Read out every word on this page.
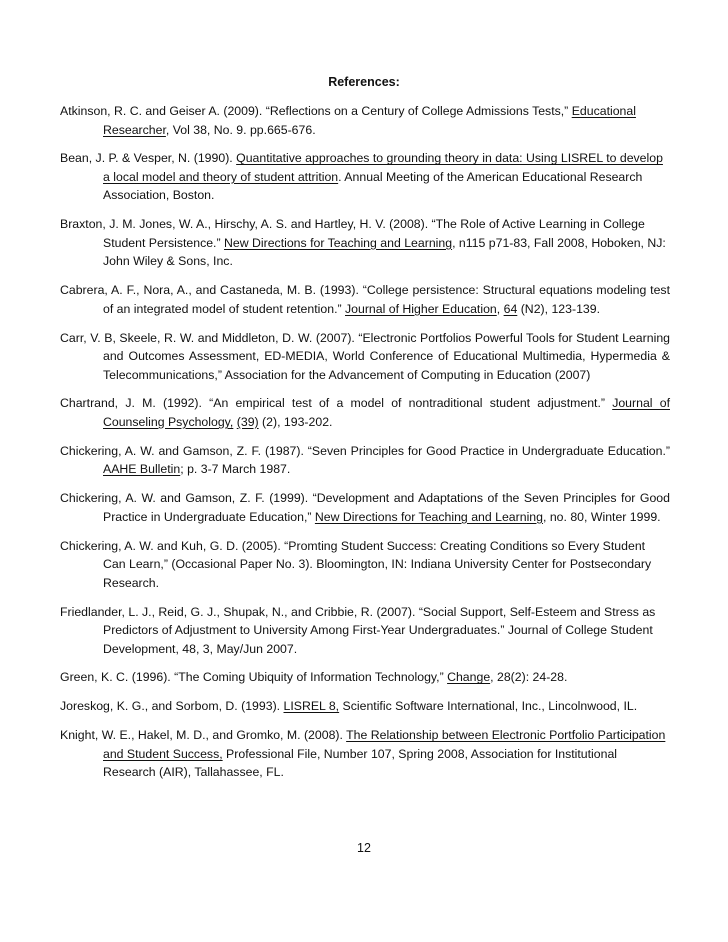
References:

Atkinson, R. C. and Geiser A. (2009). “Reflections on a Century of College Admissions Tests,” Educational Researcher, Vol 38, No. 9. pp.665-676.

Bean, J. P. & Vesper, N. (1990). Quantitative approaches to grounding theory in data: Using LISREL to develop a local model and theory of student attrition. Annual Meeting of the American Educational Research Association, Boston.

Braxton, J. M. Jones, W. A., Hirschy, A. S. and Hartley, H. V. (2008). “The Role of Active Learning in College Student Persistence.” New Directions for Teaching and Learning, n115 p71-83, Fall 2008, Hoboken, NJ: John Wiley & Sons, Inc.

Cabrera, A. F., Nora, A., and Castaneda, M. B. (1993). “College persistence: Structural equations modeling test of an integrated model of student retention.” Journal of Higher Education, 64 (N2), 123-139.

Carr, V. B, Skeele, R. W. and Middleton, D. W. (2007). “Electronic Portfolios Powerful Tools for Student Learning and Outcomes Assessment, ED-MEDIA, World Conference of Educational Multimedia, Hypermedia & Telecommunications,” Association for the Advancement of Computing in Education (2007)

Chartrand, J. M. (1992). “An empirical test of a model of nontraditional student adjustment.” Journal of Counseling Psychology, (39) (2), 193-202.

Chickering, A. W. and Gamson, Z. F. (1987). “Seven Principles for Good Practice in Undergraduate Education.” AAHE Bulletin; p. 3-7 March 1987.

Chickering, A. W. and Gamson, Z. F. (1999). “Development and Adaptations of the Seven Principles for Good Practice in Undergraduate Education,” New Directions for Teaching and Learning, no. 80, Winter 1999.

Chickering, A. W. and Kuh, G. D. (2005). “Promting Student Success: Creating Conditions so Every Student Can Learn,” (Occasional Paper No. 3). Bloomington, IN: Indiana University Center for Postsecondary Research.

Friedlander, L. J., Reid, G. J., Shupak, N., and Cribbie, R. (2007). “Social Support, Self-Esteem and Stress as Predictors of Adjustment to University Among First-Year Undergraduates.” Journal of College Student Development, 48, 3, May/Jun 2007.

Green, K. C. (1996). “The Coming Ubiquity of Information Technology,” Change, 28(2): 24-28.

Joreskog, K. G., and Sorbom, D. (1993). LISREL 8, Scientific Software International, Inc., Lincolnwood, IL.

Knight, W. E., Hakel, M. D., and Gromko, M. (2008). The Relationship between Electronic Portfolio Participation and Student Success, Professional File, Number 107, Spring 2008, Association for Institutional Research (AIR), Tallahassee, FL.

12
